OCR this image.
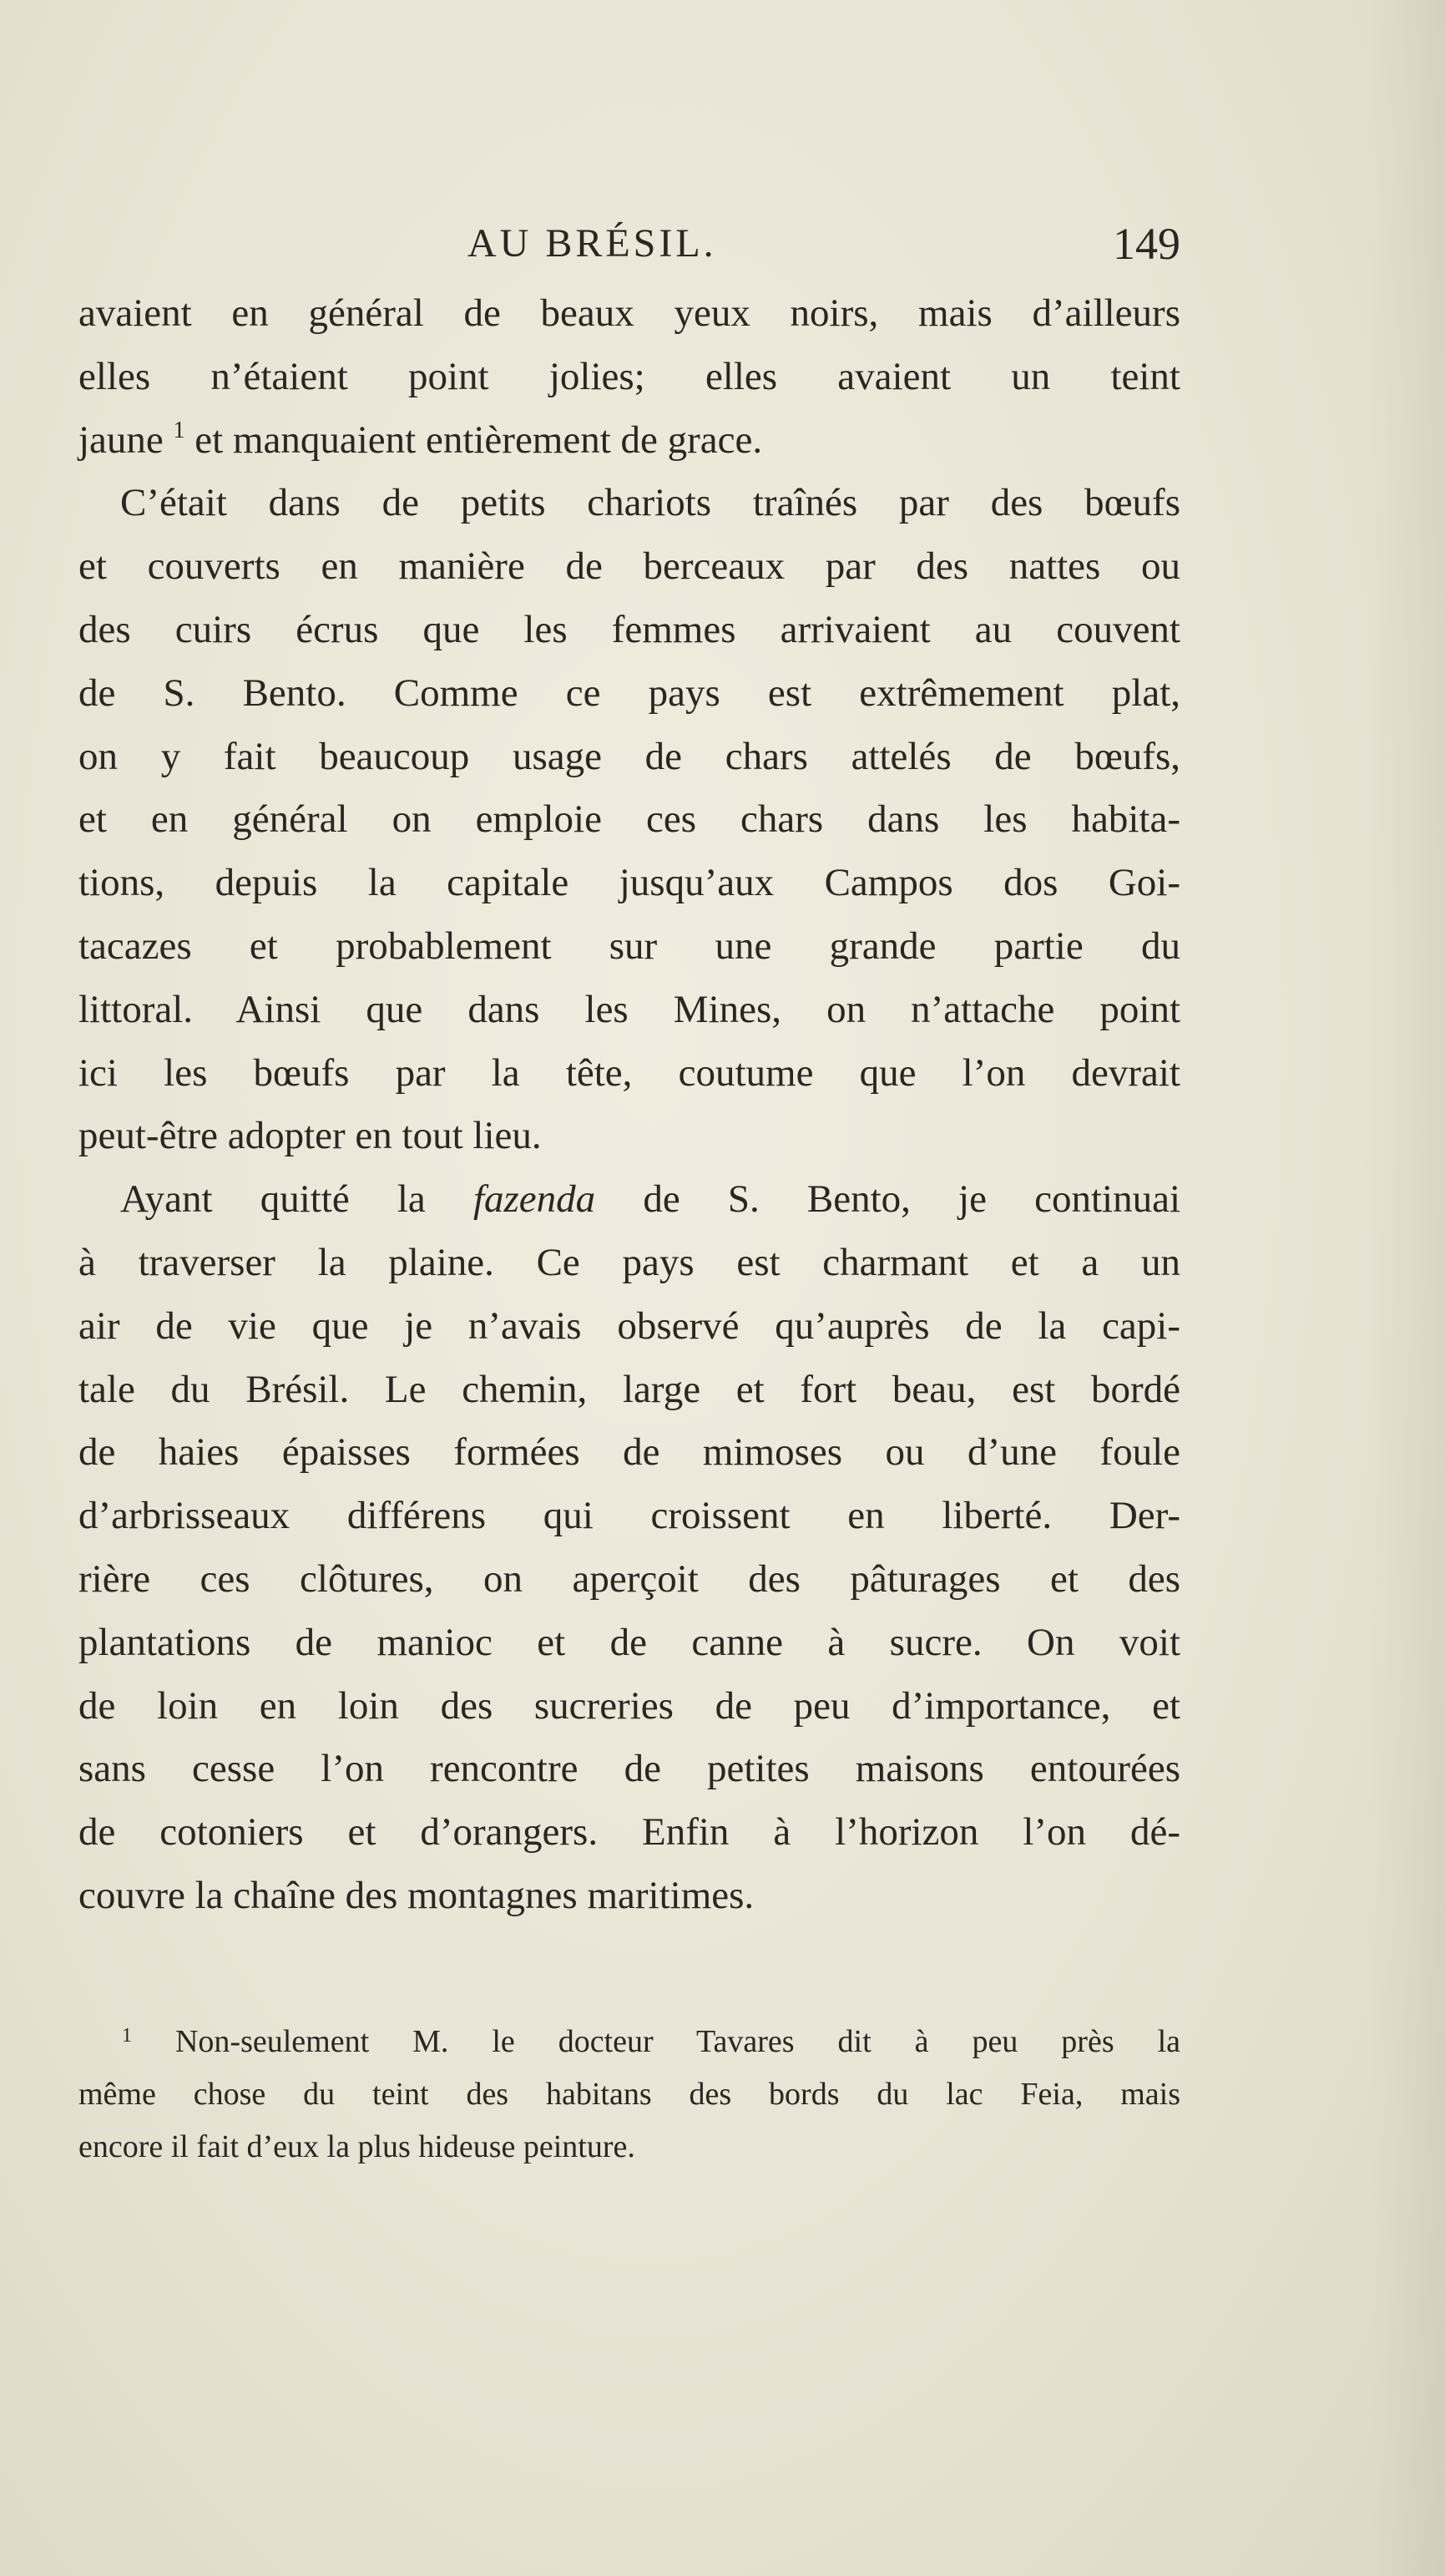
AU BRÉSIL.	149
avaient en général de beaux yeux noirs, mais d’ailleurs
elles n’étaient point jolies; elles avaient un teint
jaune $^1$ et manquaient entièrement de grace.
C’était dans de petits chariots traînés par des bœufs
et couverts en manière de berceaux par des nattes ou
des cuirs écrus que les femmes arrivaient au couvent
de S. Bento. Comme ce pays est extrêmement plat,
on y fait beaucoup usage de chars attelés de bœufs,
et en général on emploie ces chars dans les habita-
tions, depuis la capitale jusqu’aux Campos dos Goi-
tacazes et probablement sur une grande partie du
littoral. Ainsi que dans les Mines, on n’attache point
ici les bœufs par la tête, coutume que l’on devrait
peut-être adopter en tout lieu.
Ayant quitté la fazenda de S. Bento, je continuai
à traverser la plaine. Ce pays est charmant et a un
air de vie que je n’avais observé qu’auprès de la capi-
tale du Brésil. Le chemin, large et fort beau, est bordé
de haies épaisses formées de mimoses ou d’une foule
d’arbrisseaux différens qui croissent en liberté. Der-
rière ces clôtures, on aperçoit des pâturages et des
plantations de manioc et de canne à sucre. On voit
de loin en loin des sucreries de peu d’importance, et
sans cesse l’on rencontre de petites maisons entourées
de cotoniers et d’orangers. Enfin à l’horizon l’on dé-
couvre la chaîne des montagnes maritimes.
$^1$ Non-seulement M. le docteur Tavares dit à peu près la
même chose du teint des habitans des bords du lac Feia, mais
encore il fait d’eux la plus hideuse peinture.
